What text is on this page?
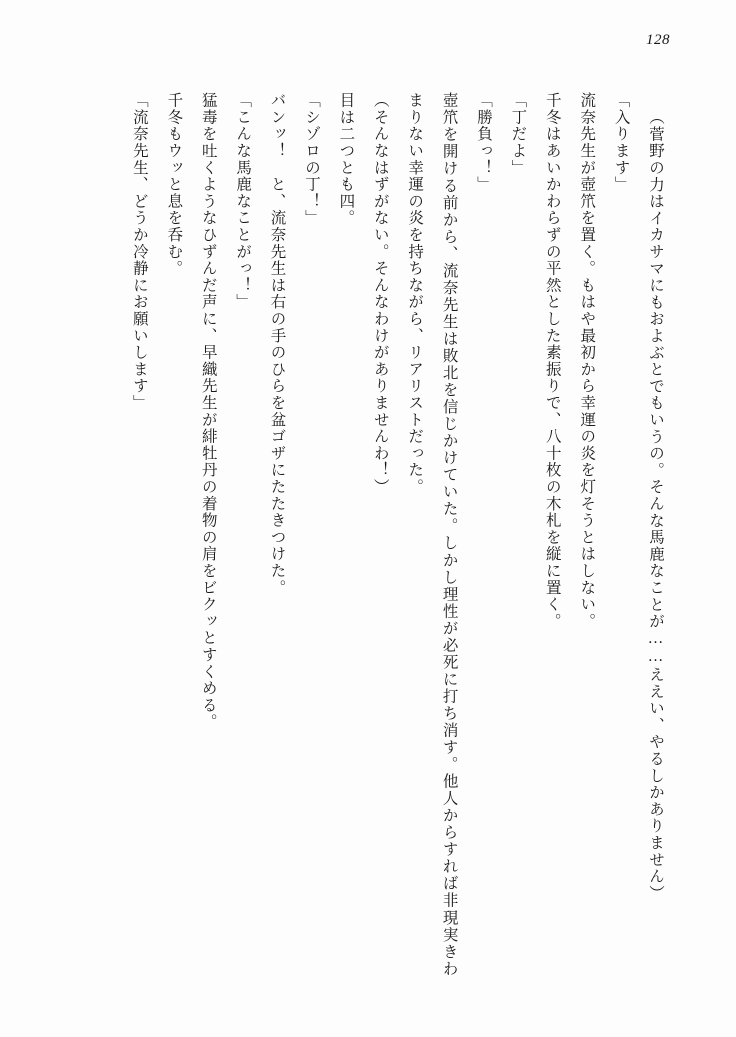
128

（菅野の力はイカサマにもおよぶとでもいうの。そんな馬鹿なことが……ええい、やるしかありません）

「入ります」

流奈先生が壺笊を置く。もはや最初から幸運の炎を灯そうとはしない。

千冬はあいかわらずの平然とした素振りで、八十枚の木札を縦に置く。

「丁だよ」

「勝負っ！」

壺笊を開ける前から、流奈先生は敗北を信じかけていた。しかし理性が必死に打ち消す。他人からすれば非現実きわまりない幸運の炎を持ちながら、リアリストだった。

（そんなはずがない。そんなわけがありませんわ！）

目は二つとも四。

「シゾロの丁！」

バンッ！　と、流奈先生は右の手のひらを盆ゴザにたたきつけた。

「こんな馬鹿なことがっ！」

猛毒を吐くようなひずんだ声に、早織先生が緋牡丹の着物の肩をビクッとすくめる。

千冬もウッと息を呑む。

「流奈先生、どうか冷静にお願いします」
